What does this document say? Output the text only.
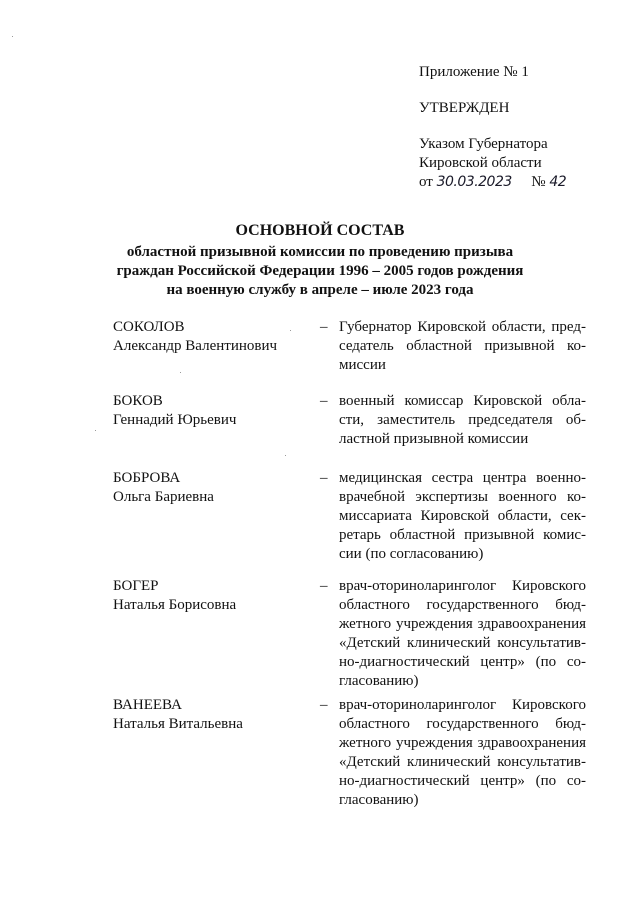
Приложение № 1
УТВЕРЖДЕН
Указом Губернатора
Кировской области
от 30.03.2023 № 42
ОСНОВНОЙ СОСТАВ
областной призывной комиссии по проведению призыва
граждан Российской Федерации 1996 – 2005 годов рождения
на военную службу в апреле – июле 2023 года
СОКОЛОВ
Александр Валентинович
– Губернатор Кировской области, пред-
седатель областной призывной ко-
миссии
БОКОВ
Геннадий Юрьевич
– военный комиссар Кировской обла-
сти, заместитель председателя об-
ластной призывной комиссии
БОБРОВА
Ольга Бариевна
– медицинская сестра центра военно-
врачебной экспертизы военного ко-
миссариата Кировской области, сек-
ретарь областной призывной комис-
сии (по согласованию)
БОГЕР
Наталья Борисовна
– врач-оториноларинголог Кировского
областного государственного бюд-
жетного учреждения здравоохранения
«Детский клинический консультатив-
но-диагностический центр» (по со-
гласованию)
ВАНЕЕВА
Наталья Витальевна
– врач-оториноларинголог Кировского
областного государственного бюд-
жетного учреждения здравоохранения
«Детский клинический консультатив-
но-диагностический центр» (по со-
гласованию)
